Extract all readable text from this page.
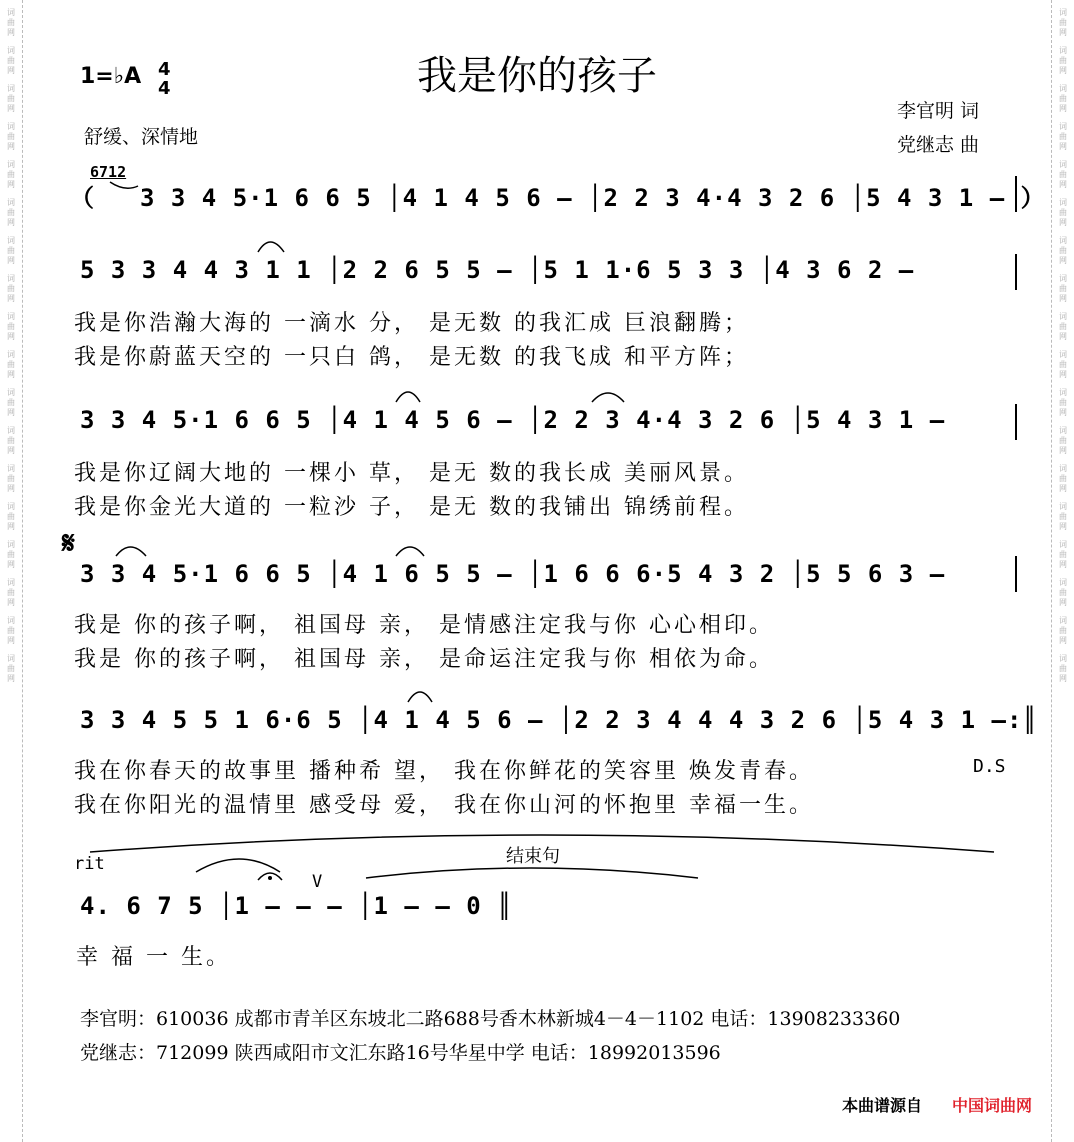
词
曲
网
词
曲
网
词
曲
网
词
曲
网
词
曲
网
词
曲
网
词
曲
网
词
曲
网
词
曲
网
词
曲
网
词
曲
网
词
曲
网
词
曲
网
词
曲
网
词
曲
网
词
曲
网
词
曲
网
词
曲
网
词
曲
网
词
曲
网
词
曲
网
词
曲
网
词
曲
网
词
曲
网
词
曲
网
词
曲
网
词
曲
网
词
曲
网
词
曲
网
词
曲
网
词
曲
网
词
曲
网
词
曲
网
词
曲
网
词
曲
网
词
曲
网
我是你的孩子
1=♭A 4
4
舒缓、深情地
李官明 词
党继志 曲
6712
（ 3 3 4 5·1 6 6 5 │4 1 4 5 6 – │2 2 3 4·4 3 2 6 │5 4 3 1 – ）
5 3 3 4 4 3 1 1 │2 2 6 5 5 – │5 1 1·6 5 3 3 │4 3 6 2 –
我是你浩瀚大海的 一滴水 分， 是无数 的我汇成 巨浪翻腾；
我是你蔚蓝天空的 一只白 鸽， 是无数 的我飞成 和平方阵；
3 3 4 5·1 6 6 5 │4 1 4 5 6 – │2 2 3 4·4 3 2 6 │5 4 3 1 –
我是你辽阔大地的 一棵小 草， 是无 数的我长成 美丽风景。
我是你金光大道的 一粒沙 子， 是无 数的我铺出 锦绣前程。
𝄋
3 3 4 5·1 6 6 5 │4 1 6 5 5 – │1 6 6 6·5 4 3 2 │5 5 6 3 –
我是 你的孩子啊， 祖国母 亲， 是情感注定我与你 心心相印。
我是 你的孩子啊， 祖国母 亲， 是命运注定我与你 相依为命。
3 3 4 5 5 1 6·6 5 │4 1 4 5 6 – │2 2 3 4 4 4 3 2 6 │5 4 3 1 –:║
我在你春天的故事里 播种希 望， 我在你鲜花的笑容里 焕发青春。
我在你阳光的温情里 感受母 爱， 我在你山河的怀抱里 幸福一生。
D.S
rit
V
结束句
4. 6 7 5 │1 – – – │1 – – 0 ║
幸 福 一 生。
李官明：610036 成都市青羊区东坡北二路688号香木林新城4－4－1102 电话：13908233360
党继志：712099 陕西咸阳市文汇东路16号华星中学 电话：18992013596
本曲谱源自 中国词曲网
